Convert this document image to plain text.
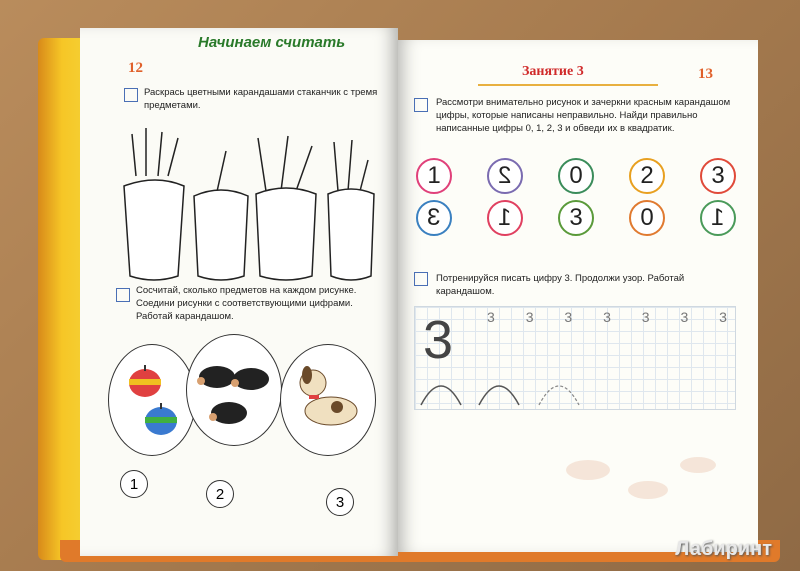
12
Начинаем считать
Раскрась цветными карандашами стаканчик с тремя предметами.
Сосчитай, сколько предметов на каждом рисунке. Соедини рисунки с соответствующими цифрами. Работай карандашом.
1
2	3
Занятие 3	13
Рассмотри внимательно рисунок и зачеркни красным карандашом цифры, которые написаны неправильно. Найди правильно написанные цифры 0, 1, 2, 3 и обведи их в квадратик.
1 2 0 2 3
3 1 3 0 1
Потренируйся писать цифру 3. Продолжи узор. Работай карандашом.
3 3 3 3 3 3 3 3
Лабиринт
